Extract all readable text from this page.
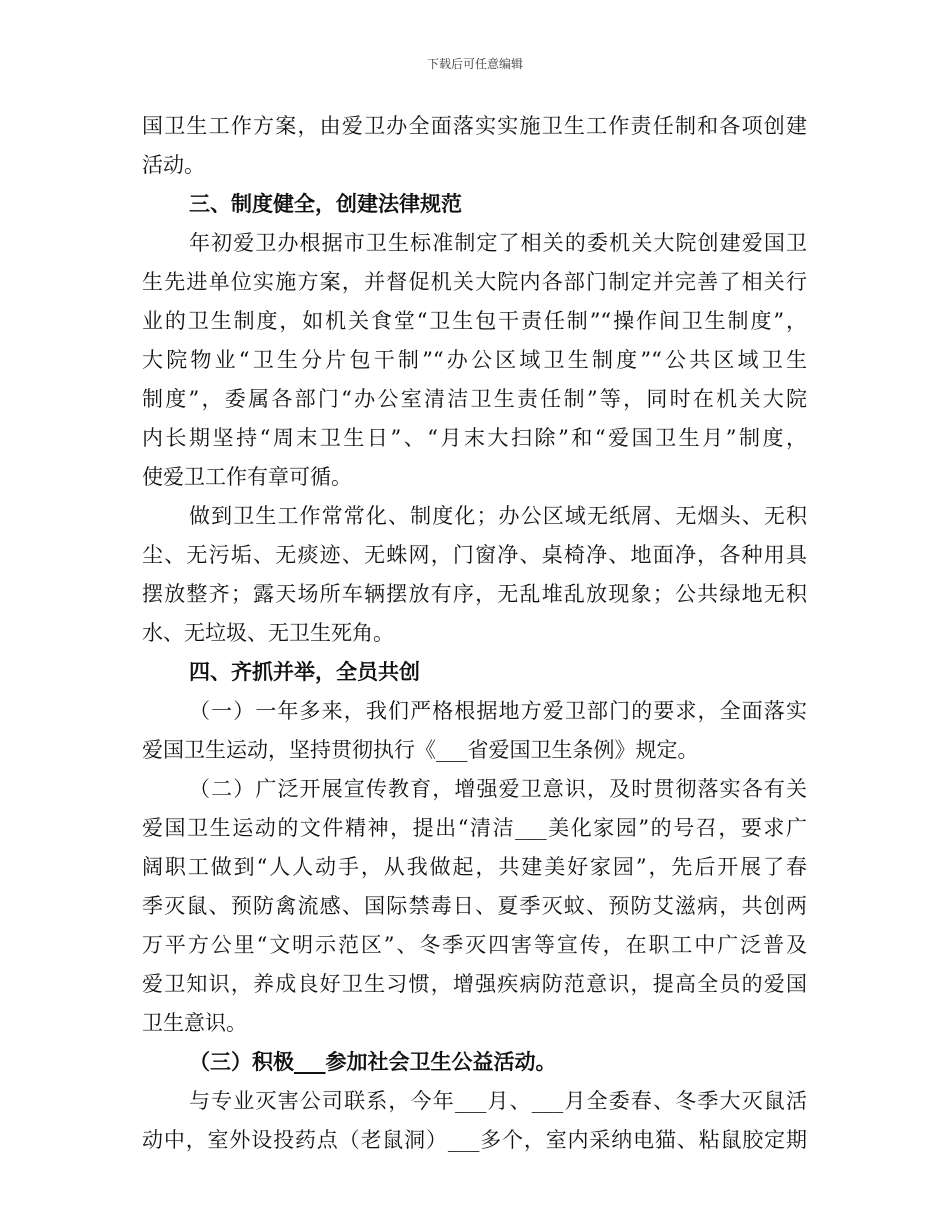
下载后可任意编辑
国卫生工作方案，由爱卫办全面落实实施卫生工作责任制和各项创建
活动。
三、制度健全，创建法律规范
年初爱卫办根据市卫生标准制定了相关的委机关大院创建爱国卫
生先进单位实施方案，并督促机关大院内各部门制定并完善了相关行
业的卫生制度，如机关食堂“卫生包干责任制”“操作间卫生制度”，
大院物业“卫生分片包干制”“办公区域卫生制度”“公共区域卫生
制度”，委属各部门“办公室清洁卫生责任制”等，同时在机关大院
内长期坚持“周末卫生日”、“月末大扫除”和“爱国卫生月”制度，
使爱卫工作有章可循。
做到卫生工作常常化、制度化；办公区域无纸屑、无烟头、无积
尘、无污垢、无痰迹、无蛛网，门窗净、桌椅净、地面净，各种用具
摆放整齐；露天场所车辆摆放有序，无乱堆乱放现象；公共绿地无积
水、无垃圾、无卫生死角。
四、齐抓并举，全员共创
（一）一年多来，我们严格根据地方爱卫部门的要求，全面落实
爱国卫生运动，坚持贯彻执行《___省爱国卫生条例》规定。
（二）广泛开展宣传教育，增强爱卫意识，及时贯彻落实各有关
爱国卫生运动的文件精神，提出“清洁___美化家园”的号召，要求广
阔职工做到“人人动手，从我做起，共建美好家园”，先后开展了春
季灭鼠、预防禽流感、国际禁毒日、夏季灭蚊、预防艾滋病，共创两
万平方公里“文明示范区”、冬季灭四害等宣传，在职工中广泛普及
爱卫知识，养成良好卫生习惯，增强疾病防范意识，提高全员的爱国
卫生意识。
（三）积极___参加社会卫生公益活动。
与专业灭害公司联系，今年___月、___月全委春、冬季大灭鼠活
动中，室外设投药点（老鼠洞）___多个，室内采纳电猫、粘鼠胶定期
